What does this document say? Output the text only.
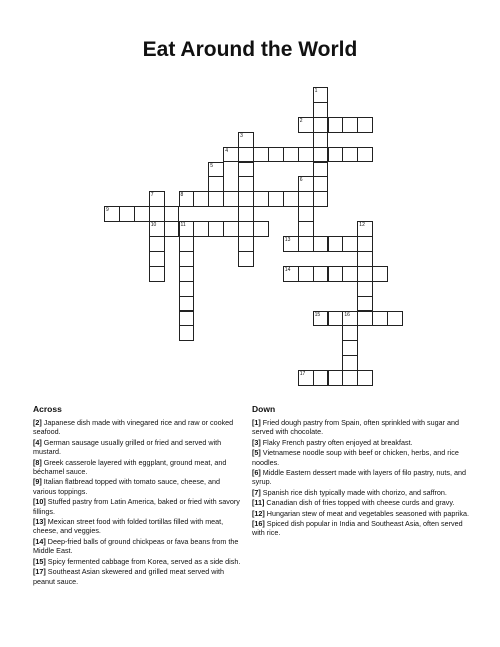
Eat Around the World
1
2
3
4
5
6
7	8
9
10	11	12
13
14
15	16
17
Across
[2] Japanese dish made with vinegared rice and raw or cooked seafood.
[4] German sausage usually grilled or fried and served with mustard.
[8] Greek casserole layered with eggplant, ground meat, and béchamel sauce.
[9] Italian flatbread topped with tomato sauce, cheese, and various toppings.
[10] Stuffed pastry from Latin America, baked or fried with savory fillings.
[13] Mexican street food with folded tortillas filled with meat, cheese, and veggies.
[14] Deep-fried balls of ground chickpeas or fava beans from the Middle East.
[15] Spicy fermented cabbage from Korea, served as a side dish.
[17] Southeast Asian skewered and grilled meat served with peanut sauce.
Down
[1] Fried dough pastry from Spain, often sprinkled with sugar and served with chocolate.
[3] Flaky French pastry often enjoyed at breakfast.
[5] Vietnamese noodle soup with beef or chicken, herbs, and rice noodles.
[6] Middle Eastern dessert made with layers of filo pastry, nuts, and syrup.
[7] Spanish rice dish typically made with chorizo, and saffron.
[11] Canadian dish of fries topped with cheese curds and gravy.
[12] Hungarian stew of meat and vegetables seasoned with paprika.
[16] Spiced dish popular in India and Southeast Asia, often served with rice.
